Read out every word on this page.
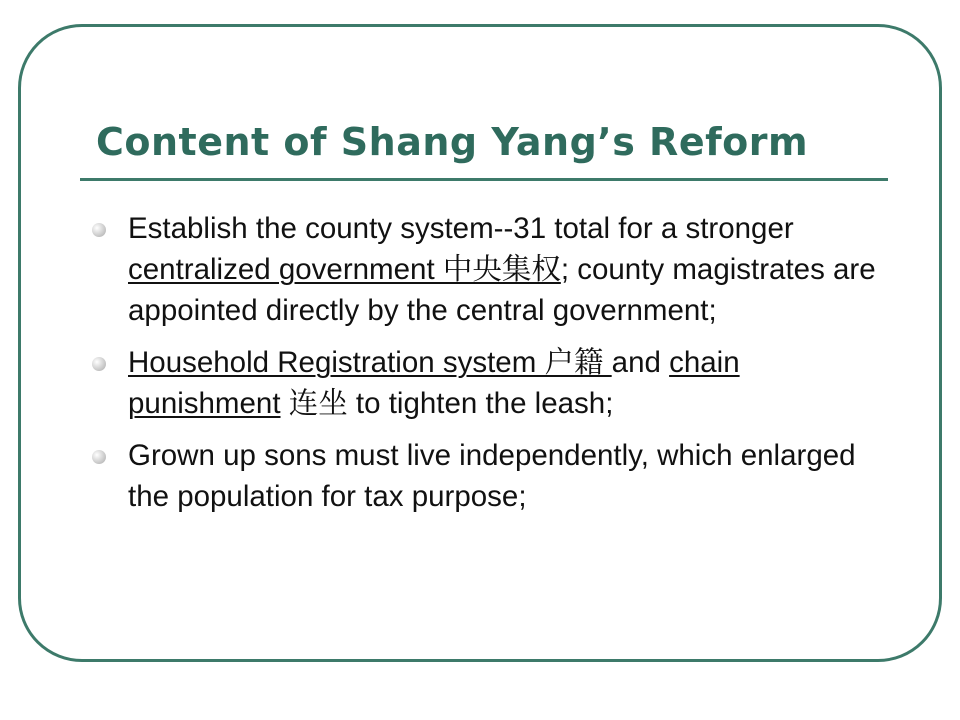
Content of Shang Yang’s Reform
Establish the county system--31 total for a stronger centralized government 中央集权; county magistrates are appointed directly by the central government;
Household Registration system 户籍 and chain punishment 连坐 to tighten the leash;
Grown up sons must live independently, which enlarged the population for tax purpose;
